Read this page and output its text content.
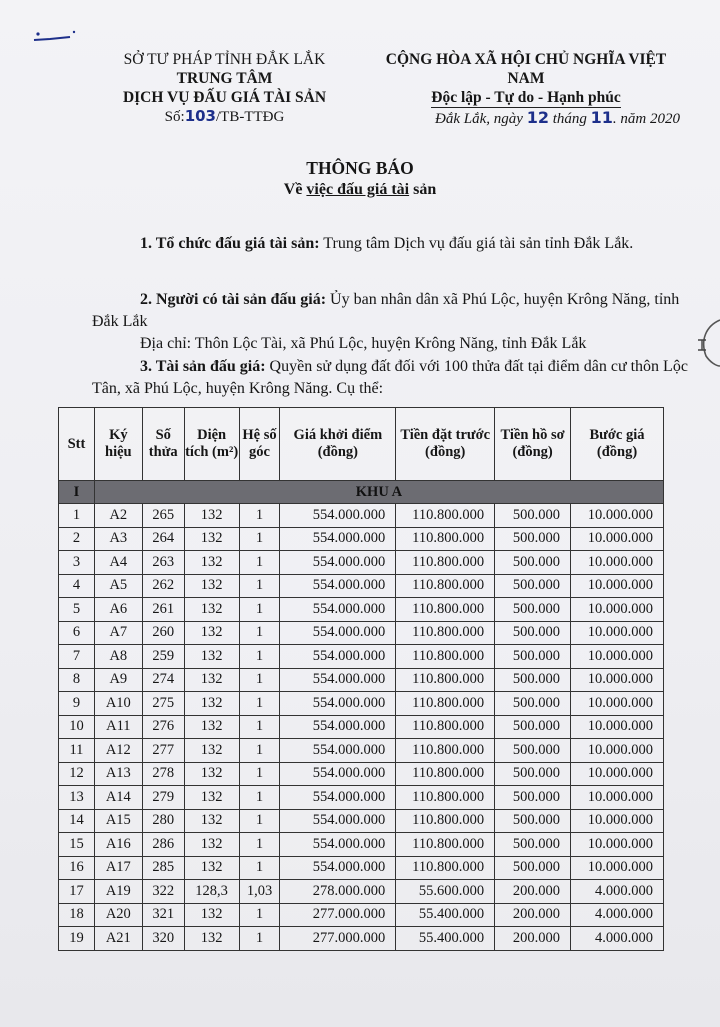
SỞ TƯ PHÁP TỈNH ĐẮK LẮK
TRUNG TÂM
DỊCH VỤ ĐẤU GIÁ TÀI SẢN
Số:103/TB-TTĐG
CỘNG HÒA XÃ HỘI CHỦ NGHĨA VIỆT NAM
Độc lập - Tự do - Hạnh phúc
Đắk Lắk, ngày 12 tháng 11. năm 2020
THÔNG BÁO
Về việc đấu giá tài sản
1. Tổ chức đấu giá tài sản: Trung tâm Dịch vụ đấu giá tài sản tỉnh Đắk Lắk.
2. Người có tài sản đấu giá: Ủy ban nhân dân xã Phú Lộc, huyện Krông Năng, tỉnh Đắk Lắk
Địa chỉ: Thôn Lộc Tài, xã Phú Lộc, huyện Krông Năng, tỉnh Đắk Lắk
3. Tài sản đấu giá: Quyền sử dụng đất đối với 100 thửa đất tại điểm dân cư thôn Lộc Tân, xã Phú Lộc, huyện Krông Năng. Cụ thể:
Stt	Ký hiệu	Số thửa	Diện tích (m²)	Hệ số góc	Giá khởi điểm (đồng)	Tiền đặt trước (đồng)	Tiền hồ sơ (đồng)	Bước giá (đồng)
I	KHU A							
1	A2	265	132	1	554.000.000	110.800.000	500.000	10.000.000
2	A3	264	132	1	554.000.000	110.800.000	500.000	10.000.000
3	A4	263	132	1	554.000.000	110.800.000	500.000	10.000.000
4	A5	262	132	1	554.000.000	110.800.000	500.000	10.000.000
5	A6	261	132	1	554.000.000	110.800.000	500.000	10.000.000
6	A7	260	132	1	554.000.000	110.800.000	500.000	10.000.000
7	A8	259	132	1	554.000.000	110.800.000	500.000	10.000.000
8	A9	274	132	1	554.000.000	110.800.000	500.000	10.000.000
9	A10	275	132	1	554.000.000	110.800.000	500.000	10.000.000
10	A11	276	132	1	554.000.000	110.800.000	500.000	10.000.000
11	A12	277	132	1	554.000.000	110.800.000	500.000	10.000.000
12	A13	278	132	1	554.000.000	110.800.000	500.000	10.000.000
13	A14	279	132	1	554.000.000	110.800.000	500.000	10.000.000
14	A15	280	132	1	554.000.000	110.800.000	500.000	10.000.000
15	A16	286	132	1	554.000.000	110.800.000	500.000	10.000.000
16	A17	285	132	1	554.000.000	110.800.000	500.000	10.000.000
17	A19	322	128,3	1,03	278.000.000	55.600.000	200.000	4.000.000
18	A20	321	132	1	277.000.000	55.400.000	200.000	4.000.000
19	A21	320	132	1	277.000.000	55.400.000	200.000	4.000.000
